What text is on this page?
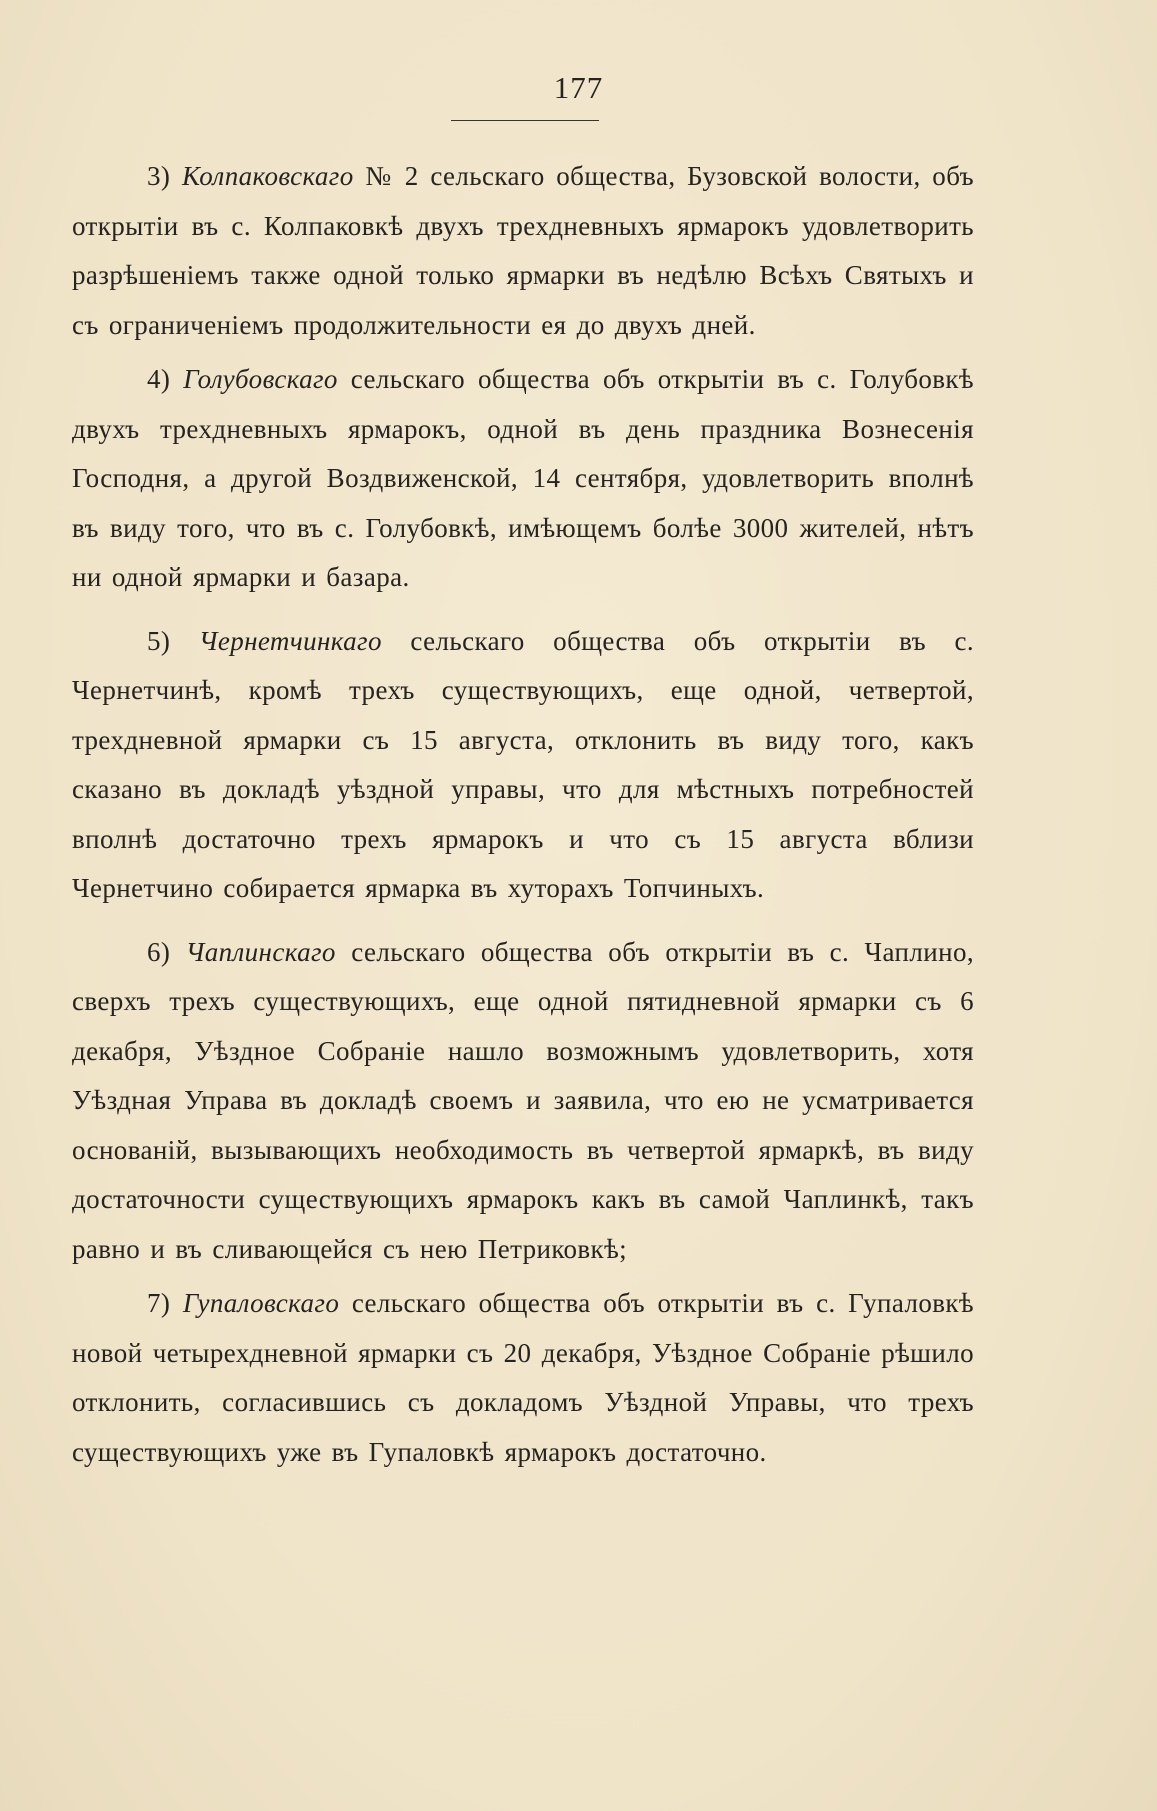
177

3) Колпаковскаго № 2 сельскаго общества, Бузовской волости, объ открытіи въ с. Колпаковкѣ двухъ трехдневныхъ ярмарокъ удовлетворить разрѣшеніемъ также одной только ярмарки въ недѣлю Всѣхъ Святыхъ и съ ограниченіемъ продолжительности ея до двухъ дней.

4) Голубовскаго сельскаго общества объ открытіи въ с. Голубовкѣ двухъ трехдневныхъ ярмарокъ, одной въ день праздника Вознесенія Господня, а другой Воздвиженской, 14 сентября, удовлетворить вполнѣ въ виду того, что въ с. Голубовкѣ, имѣющемъ болѣе 3000 жителей, нѣтъ ни одной ярмарки и базара.

5) Чернетчинкаго сельскаго общества объ открытіи въ с. Чернетчинѣ, кромѣ трехъ существующихъ, еще одной, четвертой, трехдневной ярмарки съ 15 августа, отклонить въ виду того, какъ сказано въ докладѣ уѣздной управы, что для мѣстныхъ потребностей вполнѣ достаточно трехъ ярмарокъ и что съ 15 августа вблизи Чернетчино собирается ярмарка въ хуторахъ Топчиныхъ.

6) Чаплинскаго сельскаго общества объ открытіи въ с. Чаплино, сверхъ трехъ существующихъ, еще одной пятидневной ярмарки съ 6 декабря, Уѣздное Собраніе нашло возможнымъ удовлетворить, хотя Уѣздная Управа въ докладѣ своемъ и заявила, что ею не усматривается основаній, вызывающихъ необходимость въ четвертой ярмаркѣ, въ виду достаточности существующихъ ярмарокъ какъ въ самой Чаплинкѣ, такъ равно и въ сливающейся съ нею Петриковкѣ;

7) Гупаловскаго сельскаго общества объ открытіи въ с. Гупаловкѣ новой четырехдневной ярмарки съ 20 декабря, Уѣздное Собраніе рѣшило отклонить, согласившись съ докладомъ Уѣздной Управы, что трехъ существующихъ уже въ Гупаловкѣ ярмарокъ достаточно.
